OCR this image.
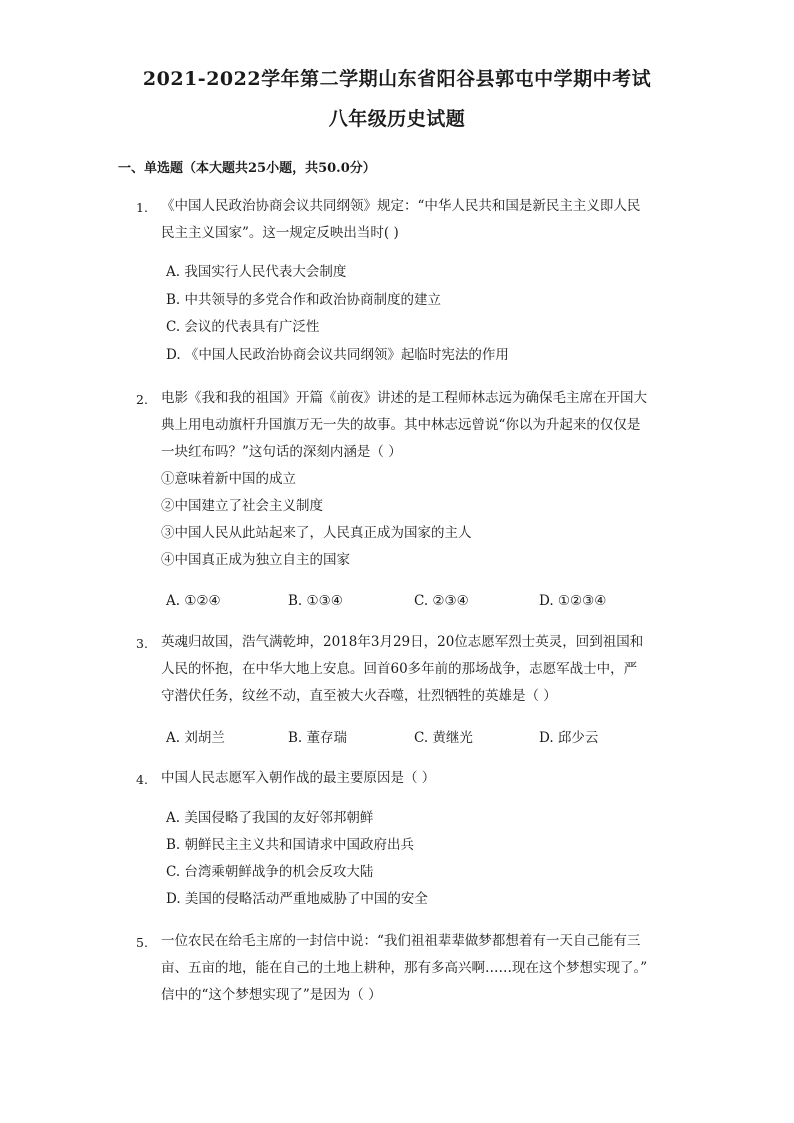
2021-2022学年第二学期山东省阳谷县郭屯中学期中考试
八年级历史试题
一、单选题（本大题共25小题，共50.0分）
1. 《中国人民政治协商会议共同纲领》规定：“中华人民共和国是新民主主义即人民
民主主义国家”。这一规定反映出当时( )
A. 我国实行人民代表大会制度
B. 中共领导的多党合作和政治协商制度的建立
C. 会议的代表具有广泛性
D. 《中国人民政治协商会议共同纲领》起临时宪法的作用
2. 电影《我和我的祖国》开篇《前夜》讲述的是工程师林志远为确保毛主席在开国大
典上用电动旗杆升国旗万无一失的故事。其中林志远曾说“你以为升起来的仅仅是
一块红布吗？”这句话的深刻内涵是（ ）
①意味着新中国的成立
②中国建立了社会主义制度
③中国人民从此站起来了，人民真正成为国家的主人
④中国真正成为独立自主的国家
A. ①②④	B. ①③④	C. ②③④	D. ①②③④
3. 英魂归故国，浩气满乾坤，2018年3月29日，20位志愿军烈士英灵，回到祖国和
人民的怀抱，在中华大地上安息。回首60多年前的那场战争，志愿军战士中，严
守潜伏任务，纹丝不动，直至被大火吞噬，壮烈牺牲的英雄是（ ）
A. 刘胡兰	B. 董存瑞	C. 黄继光	D. 邱少云
4. 中国人民志愿军入朝作战的最主要原因是（ ）
A. 美国侵略了我国的友好邻邦朝鲜
B. 朝鲜民主主义共和国请求中国政府出兵
C. 台湾乘朝鲜战争的机会反攻大陆
D. 美国的侵略活动严重地威胁了中国的安全
5. 一位农民在给毛主席的一封信中说：“我们祖祖辈辈做梦都想着有一天自己能有三
亩、五亩的地，能在自己的土地上耕种，那有多高兴啊……现在这个梦想实现了。”
信中的“这个梦想实现了”是因为（ ）
